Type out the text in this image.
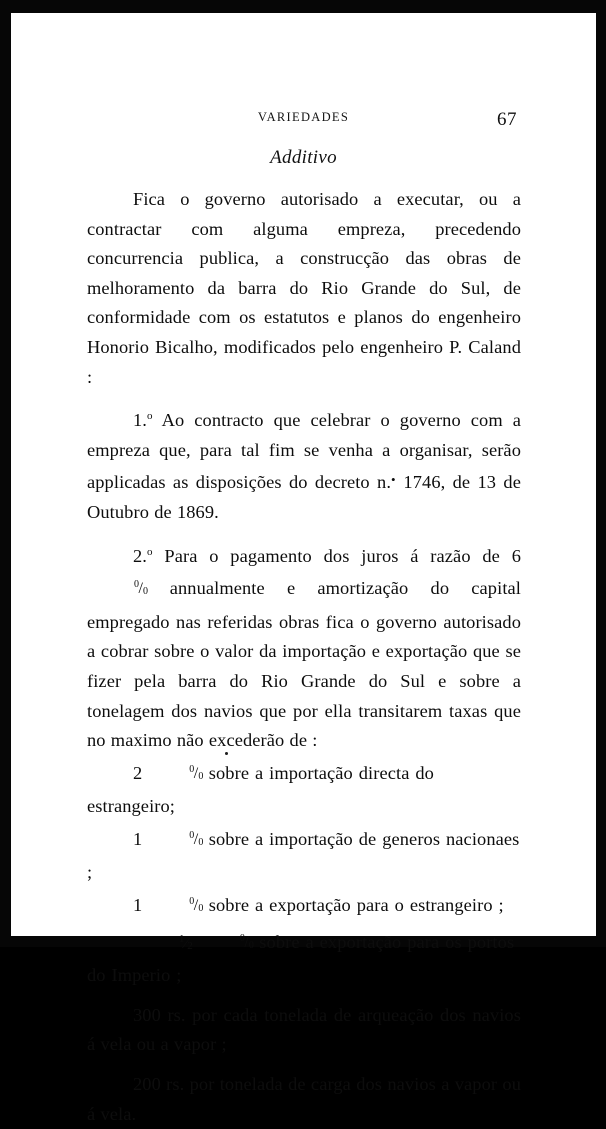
VARIEDADES	67
Additivo

Fica o governo autorisado a executar, ou a contractar com alguma empreza, precedendo concurrencia publica, a construcção das obras de melhoramento da barra do Rio Grande do Sul, de conformidade com os estatutos e planos do engenheiro Honorio Bicalho, modificados pelo engenheiro P. Caland :

1.$^o$ Ao contracto que celebrar o governo com a empreza que, para tal fim se venha a organisar, serão applicadas as disposições do decreto n.• 1746, de 13 de Outubro de 1869.

2.$^o$ Para o pagamento dos juros á razão de 6 $^0/_0$ annualmente e amortização do capital empregado nas referidas obras fica o governo autorisado a cobrar sobre o valor da importação e exportação que se fizer pela barra do Rio Grande do Sul e sobre a tonelagem dos navios que por ella transitarem taxas que no maximo não excederão de :

2	$^0/_0$ sobre a importação directa do estrangeiro;

1	$^0/_0$ sobre a importação de generos nacionaes ;

1	$^0/_0$ sobre a exportação para o estrangeiro ;

$^1⁄2^0/_0$ sobre a exportação para os portos do Imperio ;

300 rs. por cada tonelada de arqueação dos navios á vela ou a vapor ;

200 rs. por tonelada de carga dos navios a vapor ou á vela.
